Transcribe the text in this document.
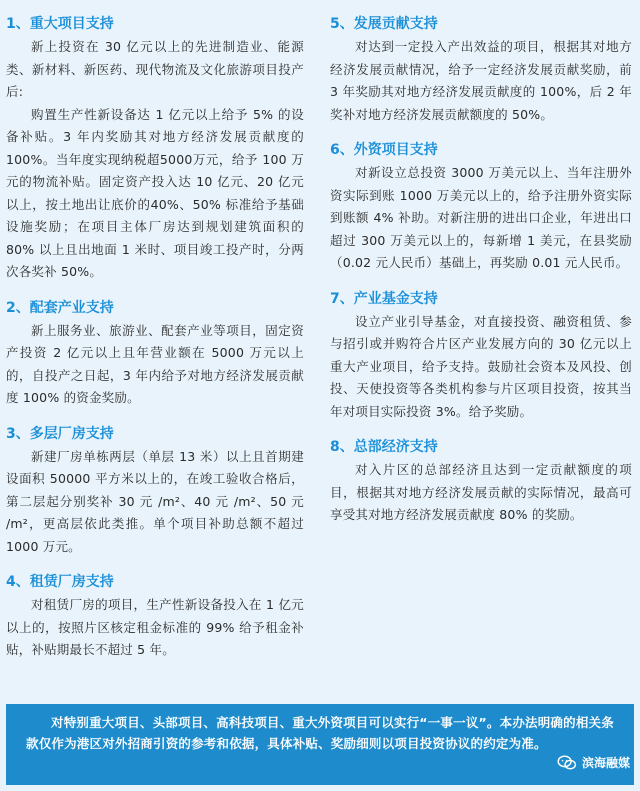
1、重大项目支持

新上投资在 30 亿元以上的先进制造业、能源类、新材料、新医药、现代物流及文化旅游项目投产后:

购置生产性新设备达 1 亿元以上给予 5% 的设备补贴。3 年内奖励其对地方经济发展贡献度的100%。当年度实现纳税超5000万元，给予 100 万元的物流补贴。固定资产投入达 10 亿元、20 亿元以上，按土地出让底价的40%、50% 标准给予基础设施奖励；在项目主体厂房达到规划建筑面积的 80% 以上且出地面 1 米时、项目竣工投产时，分两次各奖补 50%。

2、配套产业支持

新上服务业、旅游业、配套产业等项目，固定资产投资 2 亿元以上且年营业额在 5000 万元以上的，自投产之日起，3 年内给予对地方经济发展贡献度 100% 的资金奖励。

3、多层厂房支持

新建厂房单栋两层（单层 13 米）以上且首期建设面积 50000 平方米以上的，在竣工验收合格后，第二层起分别奖补 30 元 /m²、40 元 /m²、50 元 /m²，更高层依此类推。单个项目补助总额不超过 1000 万元。

4、租赁厂房支持

对租赁厂房的项目，生产性新设备投入在 1 亿元以上的，按照片区核定租金标准的 99% 给予租金补贴，补贴期最长不超过 5 年。

5、发展贡献支持

对达到一定投入产出效益的项目，根据其对地方经济发展贡献情况，给予一定经济发展贡献奖励，前 3 年奖励其对地方经济发展贡献度的 100%，后 2 年奖补对地方经济发展贡献额度的 50%。

6、外资项目支持

对新设立总投资 3000 万美元以上、当年注册外资实际到账 1000 万美元以上的，给予注册外资实际到账额 4% 补助。对新注册的进出口企业，年进出口超过 300 万美元以上的，每新增 1 美元，在县奖励（0.02 元人民币）基础上，再奖励 0.01 元人民币。

7、产业基金支持

设立产业引导基金，对直接投资、融资租赁、参与招引或并购符合片区产业发展方向的 30 亿元以上重大产业项目，给予支持。鼓励社会资本及风投、创投、天使投资等各类机构参与片区项目投资，按其当年对项目实际投资 3%。给予奖励。

8、总部经济支持

对入片区的总部经济且达到一定贡献额度的项目，根据其对地方经济发展贡献的实际情况，最高可享受其对地方经济发展贡献度 80% 的奖励。

对特别重大项目、头部项目、高科技项目、重大外资项目可以实行“一事一议”。本办法明确的相关条款仅作为港区对外招商引资的参考和依据，具体补贴、奖励细则以项目投资协议的约定为准。

滨海融媒
